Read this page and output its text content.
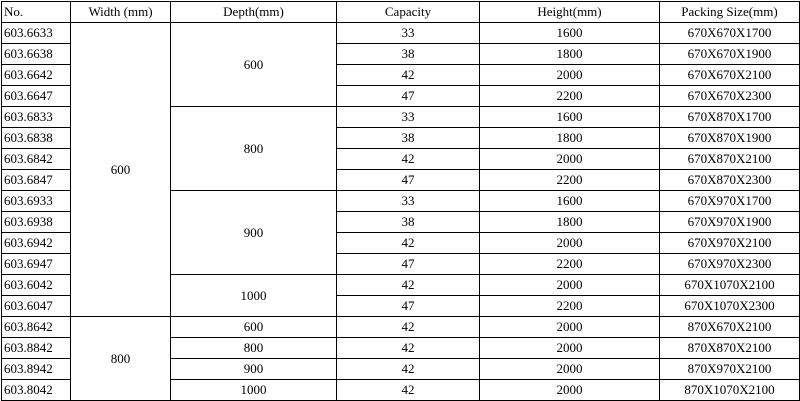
No.	Width (mm)	Depth(mm)	Capacity	Height(mm)	Packing Size(mm)
603.6633	600	600	33	1600	670X670X1700
603.6638			38	1800	670X670X1900
603.6642			42	2000	670X670X2100
603.6647			47	2200	670X670X2300
603.6833		800	33	1600	670X870X1700
603.6838			38	1800	670X870X1900
603.6842			42	2000	670X870X2100
603.6847			47	2200	670X870X2300
603.6933		900	33	1600	670X970X1700
603.6938			38	1800	670X970X1900
603.6942			42	2000	670X970X2100
603.6947			47	2200	670X970X2300
603.6042		1000	42	2000	670X1070X2100
603.6047			47	2200	670X1070X2300
603.8642	800	600	42	2000	870X670X2100
603.8842		800	42	2000	870X870X2100
603.8942		900	42	2000	870X970X2100
603.8042		1000	42	2000	870X1070X2100
